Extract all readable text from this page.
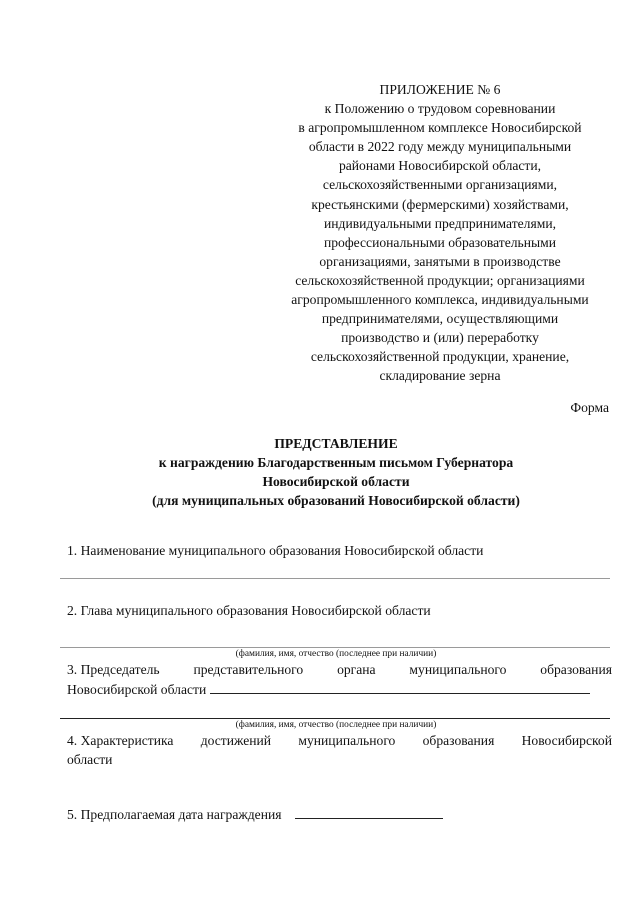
ПРИЛОЖЕНИЕ № 6
к Положению о трудовом соревновании
в агропромышленном комплексе Новосибирской
области в 2022 году между муниципальными
районами Новосибирской области,
сельскохозяйственными организациями,
крестьянскими (фермерскими) хозяйствами,
индивидуальными предпринимателями,
профессиональными образовательными
организациями, занятыми в производстве
сельскохозяйственной продукции; организациями
агропромышленного комплекса, индивидуальными
предпринимателями, осуществляющими
производство и (или) переработку
сельскохозяйственной продукции, хранение,
складирование зерна
Форма
ПРЕДСТАВЛЕНИЕ
к награждению Благодарственным письмом Губернатора
Новосибирской области
(для муниципальных образований Новосибирской области)
1. Наименование муниципального образования Новосибирской области
2. Глава муниципального образования Новосибирской области
(фамилия, имя, отчество (последнее при наличии)
3. Председатель представительного органа муниципального образования
Новосибирской области
(фамилия, имя, отчество (последнее при наличии)
4. Характеристика достижений муниципального образования Новосибирской
области
5. Предполагаемая дата награждения
